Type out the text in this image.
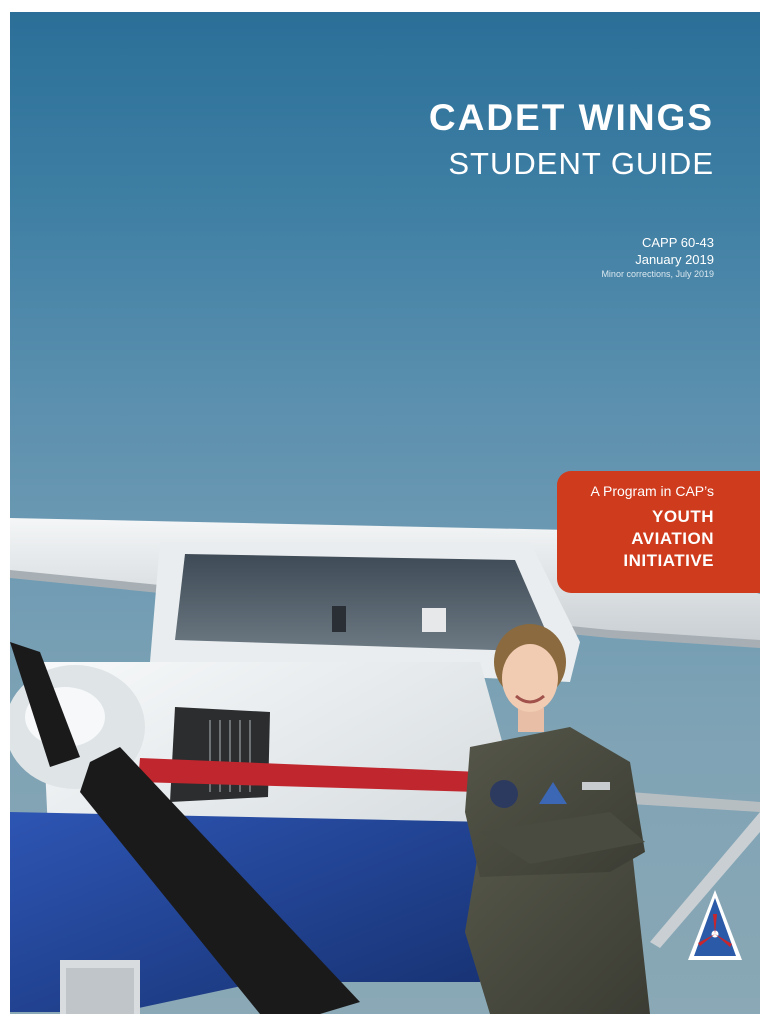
CADET WINGS
STUDENT GUIDE
CAPP 60-43
January 2019
Minor corrections, July 2019
A Program in CAP’s
YOUTH
AVIATION
INITIATIVE
